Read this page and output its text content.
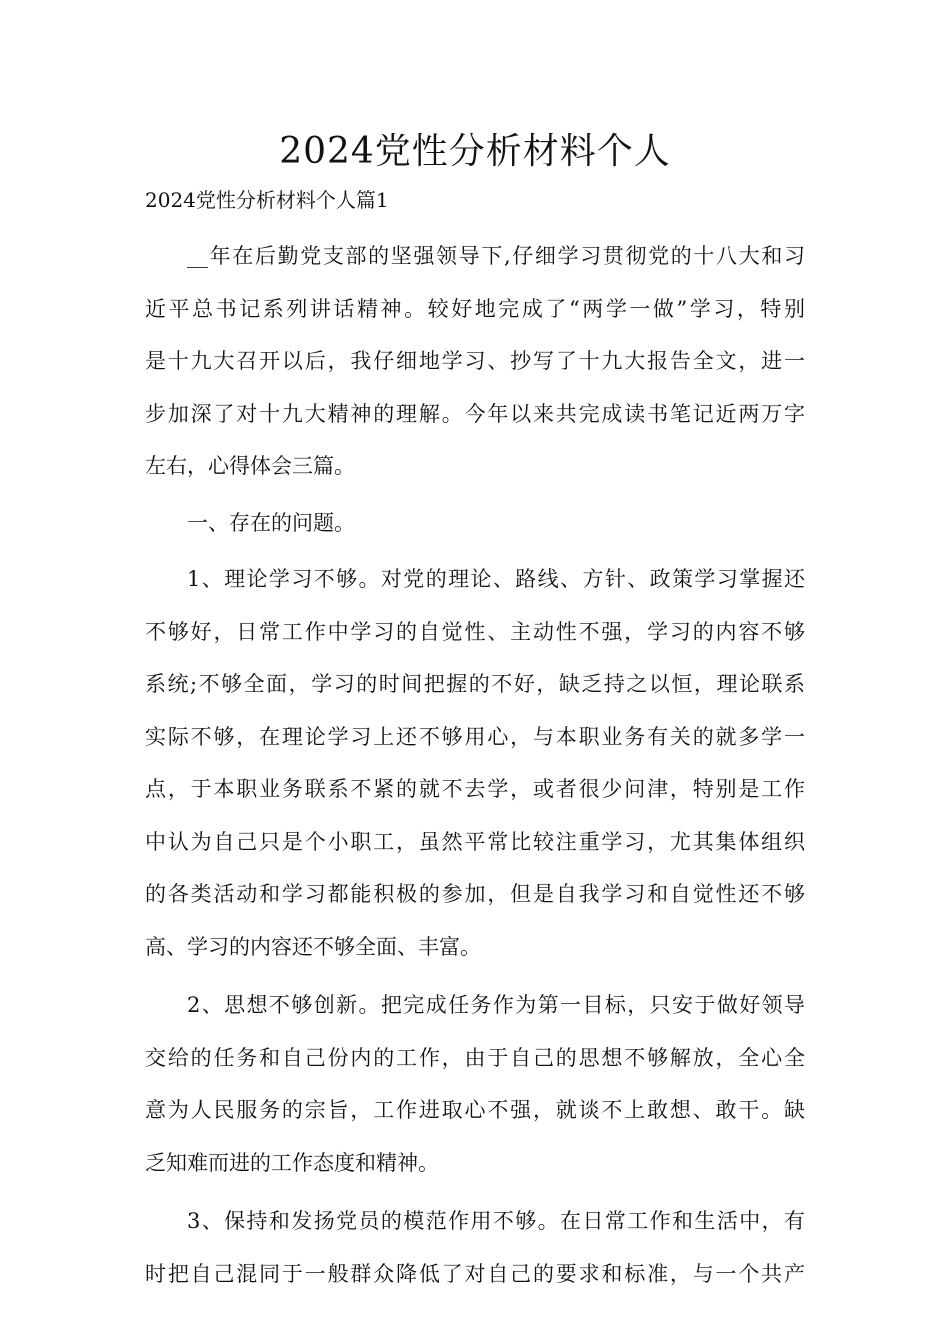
2024党性分析材料个人

2024党性分析材料个人篇1

__年在后勤党支部的坚强领导下,仔细学习贯彻党的十八大和习
近平总书记系列讲话精神。较好地完成了“两学一做”学习，特别
是十九大召开以后，我仔细地学习、抄写了十九大报告全文，进一
步加深了对十九大精神的理解。今年以来共完成读书笔记近两万字
左右，心得体会三篇。

一、存在的问题。

1、理论学习不够。对党的理论、路线、方针、政策学习掌握还
不够好，日常工作中学习的自觉性、主动性不强，学习的内容不够
系统;不够全面，学习的时间把握的不好，缺乏持之以恒，理论联系
实际不够，在理论学习上还不够用心，与本职业务有关的就多学一
点，于本职业务联系不紧的就不去学，或者很少问津，特别是工作
中认为自己只是个小职工，虽然平常比较注重学习，尤其集体组织
的各类活动和学习都能积极的参加，但是自我学习和自觉性还不够
高、学习的内容还不够全面、丰富。

2、思想不够创新。把完成任务作为第一目标，只安于做好领导
交给的任务和自己份内的工作，由于自己的思想不够解放，全心全
意为人民服务的宗旨，工作进取心不强，就谈不上敢想、敢干。缺
乏知难而进的工作态度和精神。

3、保持和发扬党员的模范作用不够。在日常工作和生活中，有
时把自己混同于一般群众降低了对自己的要求和标准，与一个共产
